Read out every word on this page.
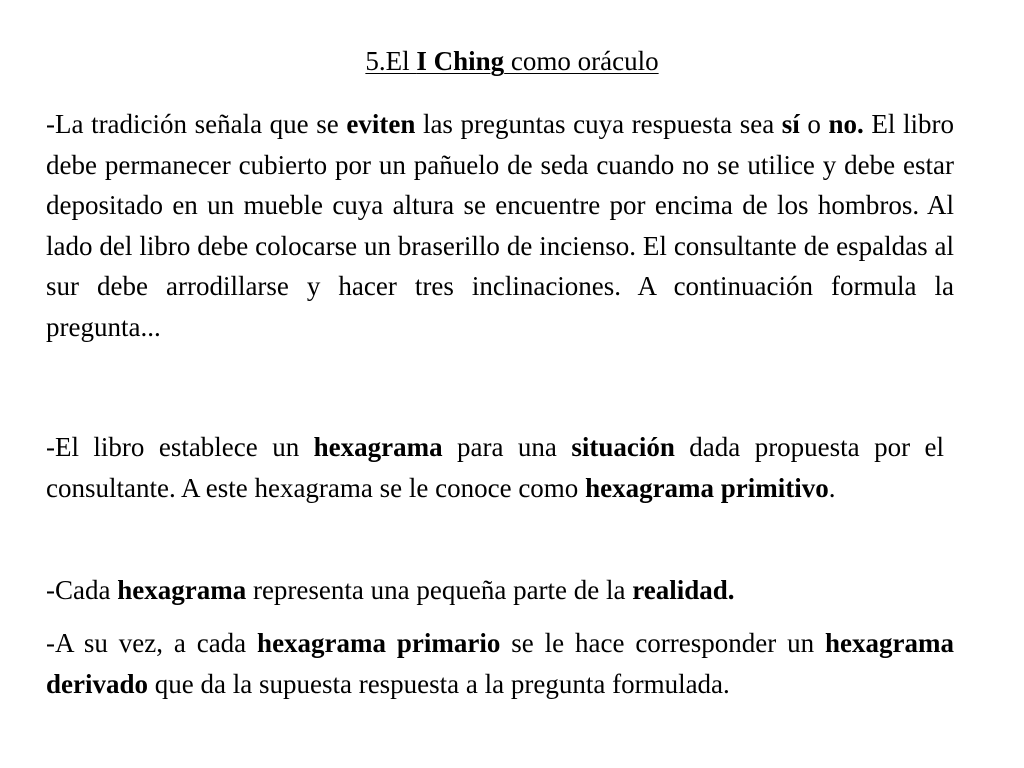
5.El I Ching como oráculo

-La tradición señala que se eviten las preguntas cuya respuesta sea sí o no. El libro debe permanecer cubierto por un pañuelo de seda cuando no se utilice y debe estar depositado en un mueble cuya altura se encuentre por encima de los hombros. Al lado del libro debe colocarse un braserillo de incienso. El consultante de espaldas al sur debe arrodillarse y hacer tres inclinaciones. A continuación formula la pregunta...

-El libro establece un hexagrama para una situación dada propuesta por el consultante. A este hexagrama se le conoce como hexagrama primitivo.

-Cada hexagrama representa una pequeña parte de la realidad.

-A su vez, a cada hexagrama primario se le hace corresponder un hexagrama derivado que da la supuesta respuesta a la pregunta formulada.
